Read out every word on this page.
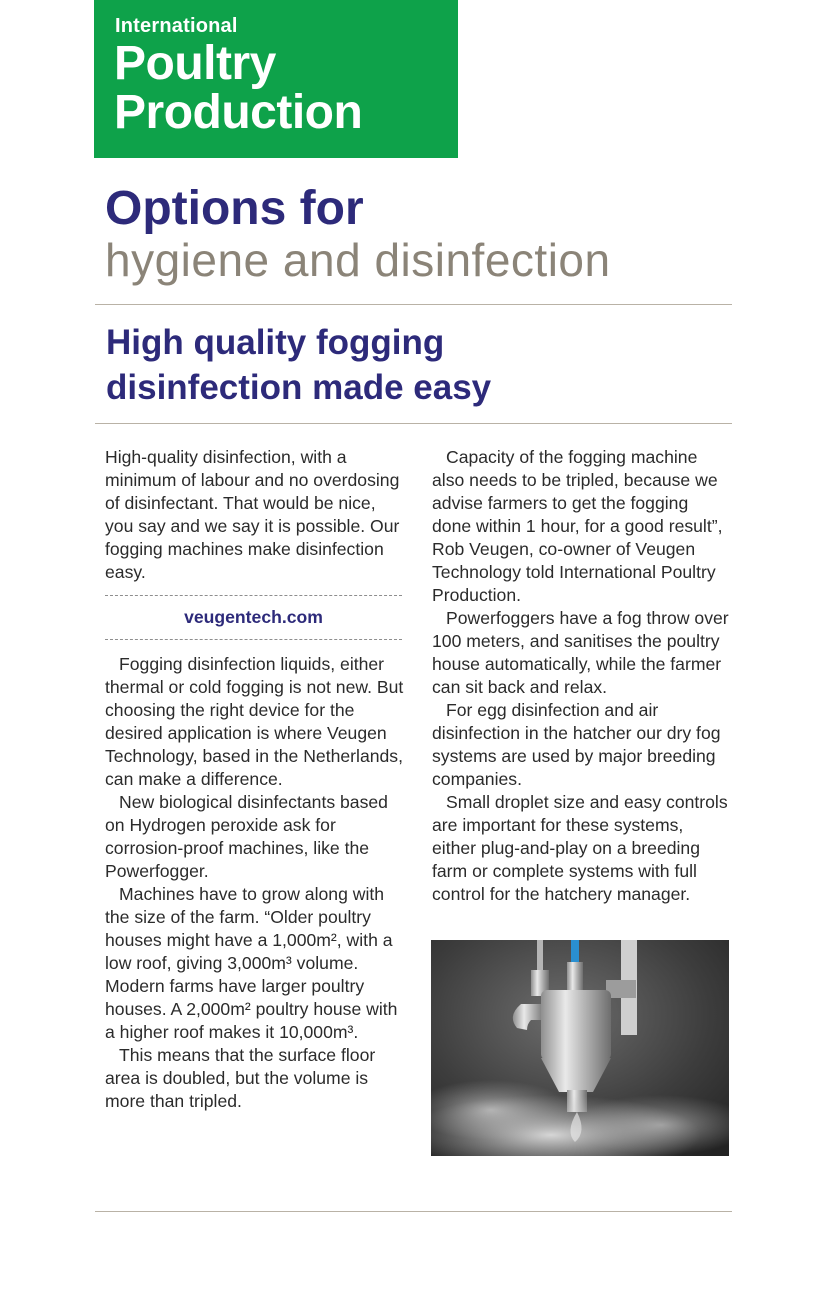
International
Poultry
Production
Options for
hygiene and disinfection
High quality fogging
disinfection made easy

High-quality disinfection, with a minimum of labour and no overdosing of disinfectant. That would be nice, you say and we say it is possible. Our fogging machines make disinfection easy.

veugentech.com

Fogging disinfection liquids, either thermal or cold fogging is not new. But choosing the right device for the desired application is where Veugen Technology, based in the Netherlands, can make a difference.

New biological disinfectants based on Hydrogen peroxide ask for corrosion-proof machines, like the Powerfogger.

Machines have to grow along with the size of the farm. “Older poultry houses might have a 1,000m², with a low roof, giving 3,000m³ volume. Modern farms have larger poultry houses. A 2,000m² poultry house with a higher roof makes it 10,000m³.

This means that the surface floor area is doubled, but the volume is more than tripled.

Capacity of the fogging machine also needs to be tripled, because we advise farmers to get the fogging done within 1 hour, for a good result”, Rob Veugen, co-owner of Veugen Technology told International Poultry Production.

Powerfoggers have a fog throw over 100 meters, and sanitises the poultry house automatically, while the farmer can sit back and relax.

For egg disinfection and air disinfection in the hatcher our dry fog systems are used by major breeding companies.

Small droplet size and easy controls are important for these systems, either plug-and-play on a breeding farm or complete systems with full control for the hatchery manager.
